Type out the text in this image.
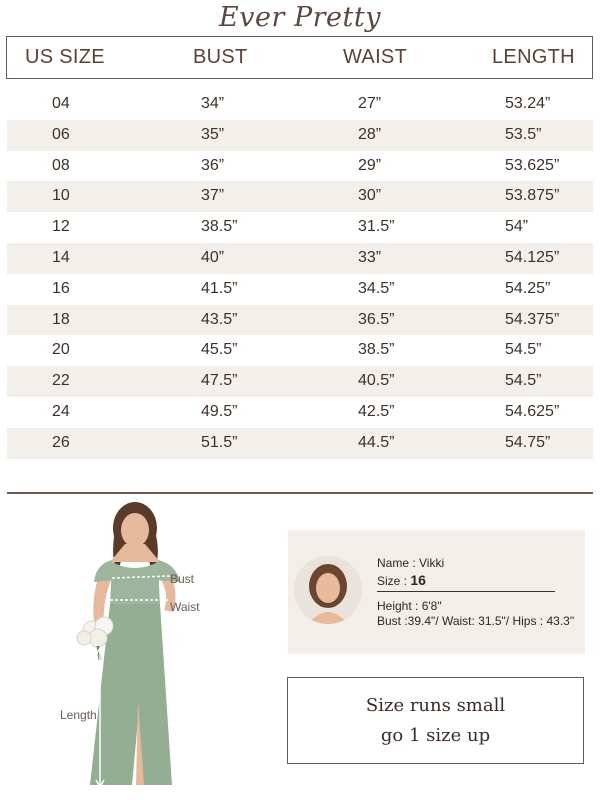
Ever Pretty
US SIZE	BUST	WAIST	LENGTH
04	34”	27”	53.24”
06	35”	28”	53.5”
08	36”	29”	53.625”
10	37”	30”	53.875”
12	38.5”	31.5”	54”
14	40”	33”	54.125”
16	41.5”	34.5”	54.25”
18	43.5”	36.5”	54.375”
20	45.5”	38.5”	54.5”
22	47.5”	40.5”	54.5”
24	49.5”	42.5”	54.625”
26	51.5”	44.5”	54.75”
Bust
Waist
Length
Name : Vikki
Size : 16
Height : 6'8"
Bust :39.4"/ Waist: 31.5"/ Hips : 43.3"
Size runs small
go 1 size up
